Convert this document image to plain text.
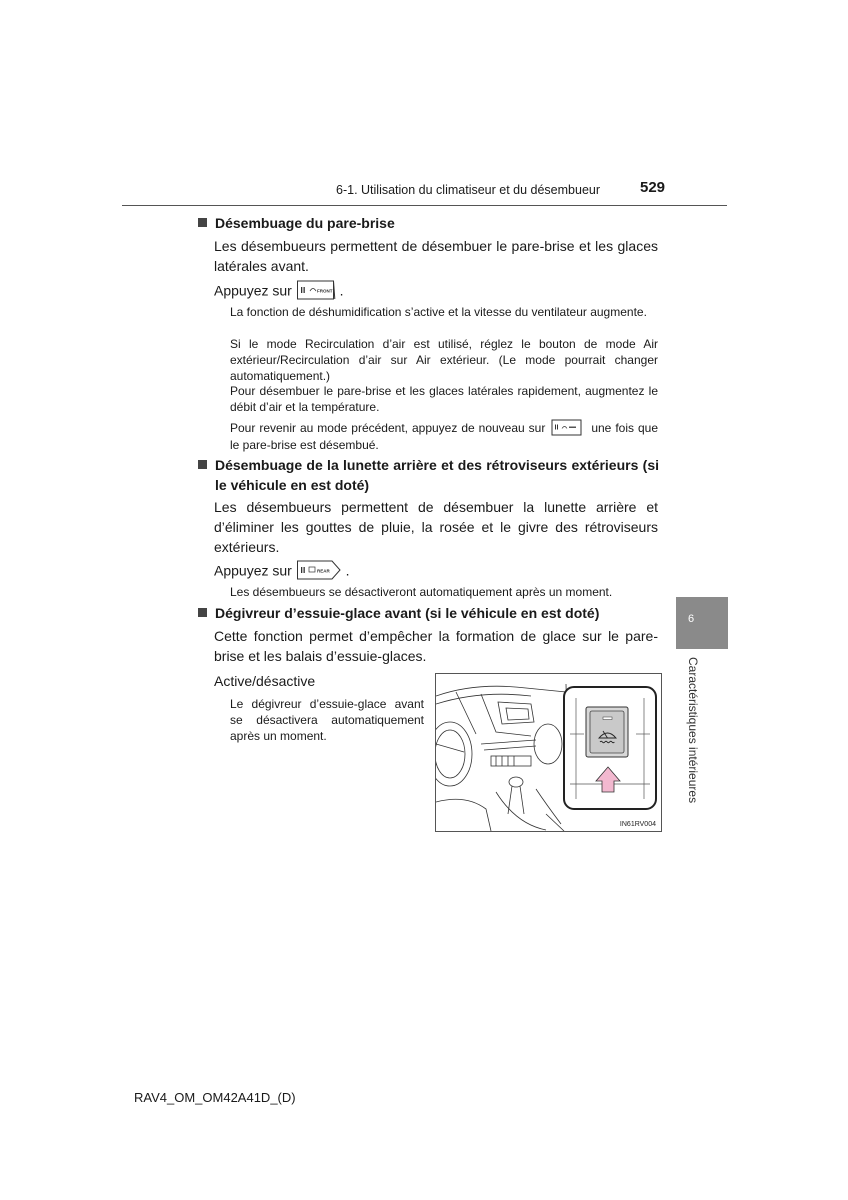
6-1. Utilisation du climatiseur et du désembueur	529
6
Caractéristiques intérieures
Désembuage du pare-brise
Les désembueurs permettent de désembuer le pare-brise et les glaces latérales avant.
Appuyez sur	FRONT .
La fonction de déshumidification s’active et la vitesse du ventilateur augmente.
Si le mode Recirculation d’air est utilisé, réglez le bouton de mode Air extérieur/Recirculation d’air sur Air extérieur. (Le mode pourrait changer automatiquement.)
Pour désembuer le pare-brise et les glaces latérales rapidement, augmentez le débit d’air et la température.
Pour revenir au mode précédent, appuyez de nouveau sur	une fois que le pare-brise est désembué.
Désembuage de la lunette arrière et des rétroviseurs extérieurs (si le véhicule en est doté)
Les désembueurs permettent de désembuer la lunette arrière et d’éliminer les gouttes de pluie, la rosée et le givre des rétroviseurs extérieurs.
Appuyez sur	REAR .
Les désembueurs se désactiveront automatiquement après un moment.
Dégivreur d’essuie-glace avant (si le véhicule en est doté)
Cette fonction permet d’empêcher la formation de glace sur le pare-brise et les balais d’essuie-glaces.
Active/désactive
Le dégivreur d’essuie-glace avant se désactivera automatiquement après un moment.
IN61RV004
RAV4_OM_OM42A41D_(D)
